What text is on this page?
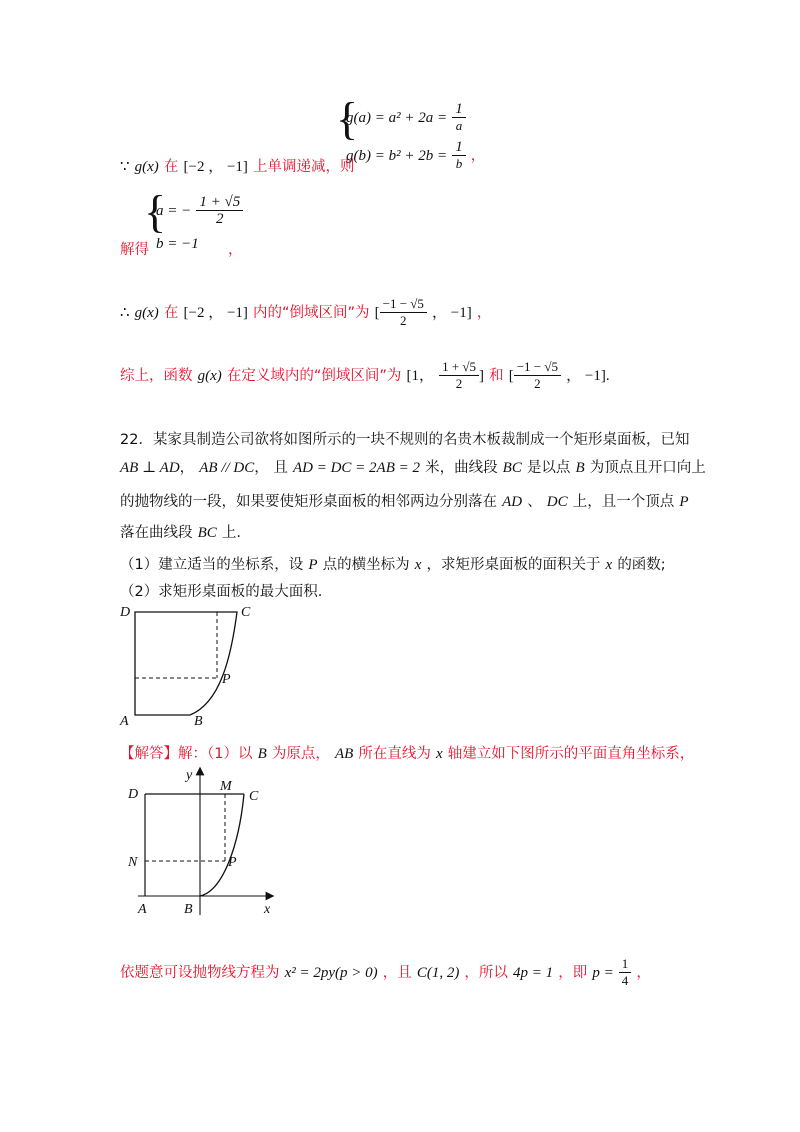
{
$g(a) = a^2 + 2a = \frac{1}{a}$
$g(b) = b^2 + 2b = \frac{1}{b}$ ，
∵ g(x) 在 [−2 ， −1] 上单调递减，则
{
a = − $\frac{1 + √5}{2}$
b = −1
解得	，
∴ g(x) 在 [−2 ， −1] 内的“倒域区间”为 [ $\frac{-1 - √5}{2}$ ， −1] ，
综上，函数 g(x) 在定义域内的“倒域区间”为 [1， $\frac{1 + √5}{2}$ ] 和 [ $\frac{-1 - √5}{2}$ ， −1].
22．某家具制造公司欲将如图所示的一块不规则的名贵木板裁制成一个矩形桌面板，已知
AB ⊥ AD， AB // DC， 且 AD = DC = 2AB = 2 米，曲线段 BC 是以点 B 为顶点且开口向上
的抛物线的一段，如果要使矩形桌面板的相邻两边分别落在 AD 、 DC 上，且一个顶点 P
落在曲线段 BC 上.
（1）建立适当的坐标系，设 P 点的横坐标为 x ，求矩形桌面板的面积关于 x 的函数;
（2）求矩形桌面板的最大面积.
D	C
P
A	B
【解答】解：（1）以 B 为原点， AB 所在直线为 x 轴建立如下图所示的平面直角坐标系，
y
M
D	C
N	P
A	B	x
依题意可设抛物线方程为 x² = 2py(p > 0) ，且 C(1, 2) ，所以 4p = 1 ，即 $p = \frac{1}{4}$ ，
